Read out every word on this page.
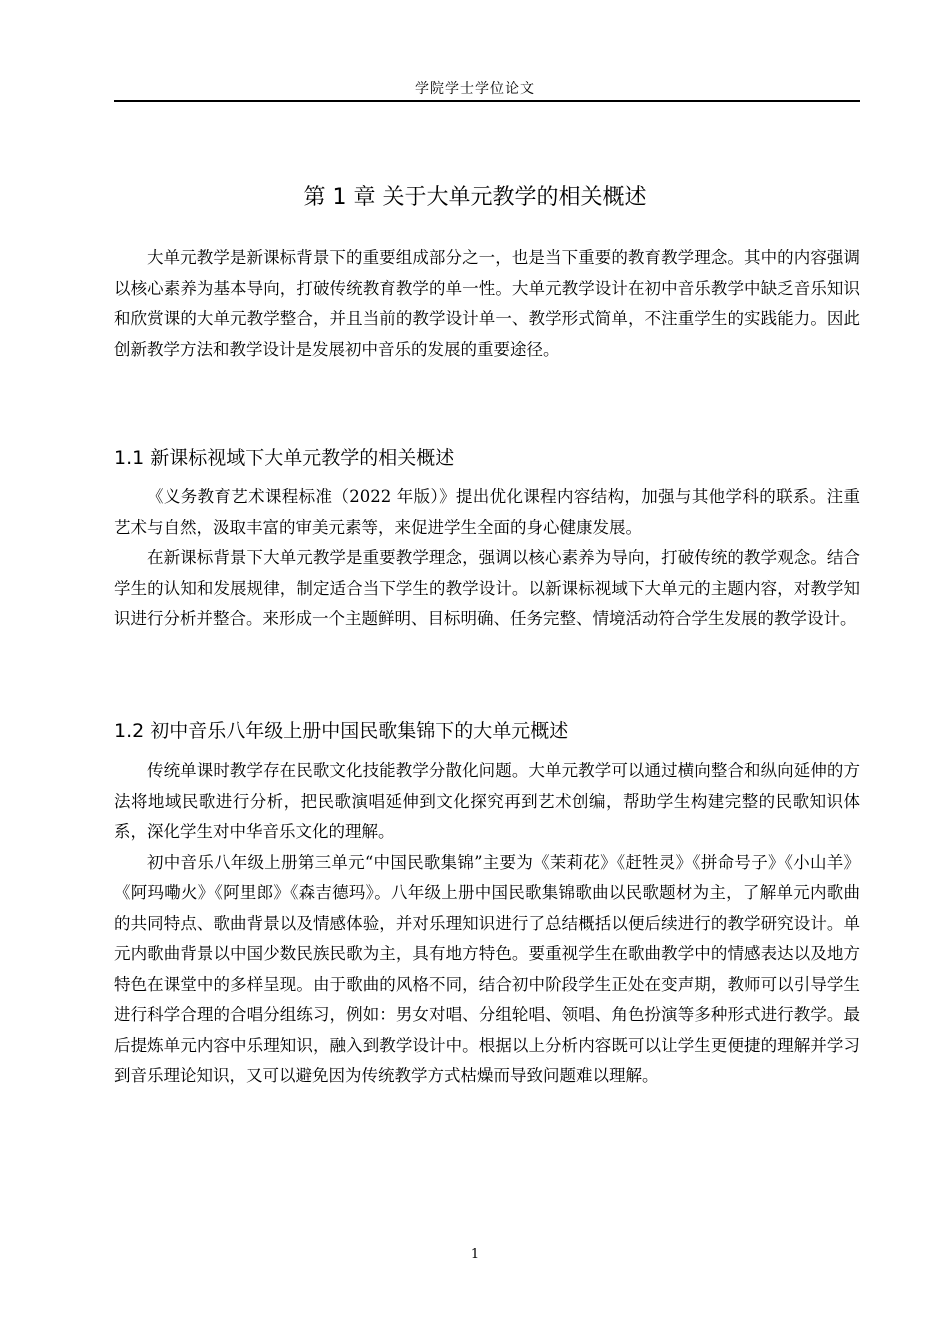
学院学士学位论文
第 1 章 关于大单元教学的相关概述

大单元教学是新课标背景下的重要组成部分之一，也是当下重要的教育教学理念。其中的内容强调以核心素养为基本导向，打破传统教育教学的单一性。大单元教学设计在初中音乐教学中缺乏音乐知识和欣赏课的大单元教学整合，并且当前的教学设计单一、教学形式简单，不注重学生的实践能力。因此创新教学方法和教学设计是发展初中音乐的发展的重要途径。

1.1 新课标视域下大单元教学的相关概述

《义务教育艺术课程标准（2022 年版）》提出优化课程内容结构，加强与其他学科的联系。注重艺术与自然，汲取丰富的审美元素等，来促进学生全面的身心健康发展。

在新课标背景下大单元教学是重要教学理念，强调以核心素养为导向，打破传统的教学观念。结合学生的认知和发展规律，制定适合当下学生的教学设计。以新课标视域下大单元的主题内容，对教学知识进行分析并整合。来形成一个主题鲜明、目标明确、任务完整、情境活动符合学生发展的教学设计。

1.2 初中音乐八年级上册中国民歌集锦下的大单元概述

传统单课时教学存在民歌文化技能教学分散化问题。大单元教学可以通过横向整合和纵向延伸的方法将地域民歌进行分析，把民歌演唱延伸到文化探究再到艺术创编，帮助学生构建完整的民歌知识体系，深化学生对中华音乐文化的理解。

初中音乐八年级上册第三单元“中国民歌集锦”主要为《茉莉花》《赶牲灵》《拼命号子》《小山羊》《阿玛嘞火》《阿里郎》《森吉德玛》。八年级上册中国民歌集锦歌曲以民歌题材为主，了解单元内歌曲的共同特点、歌曲背景以及情感体验，并对乐理知识进行了总结概括以便后续进行的教学研究设计。单元内歌曲背景以中国少数民族民歌为主，具有地方特色。要重视学生在歌曲教学中的情感表达以及地方特色在课堂中的多样呈现。由于歌曲的风格不同，结合初中阶段学生正处在变声期，教师可以引导学生进行科学合理的合唱分组练习，例如：男女对唱、分组轮唱、领唱、角色扮演等多种形式进行教学。最后提炼单元内容中乐理知识，融入到教学设计中。根据以上分析内容既可以让学生更便捷的理解并学习到音乐理论知识，又可以避免因为传统教学方式枯燥而导致问题难以理解。

1
